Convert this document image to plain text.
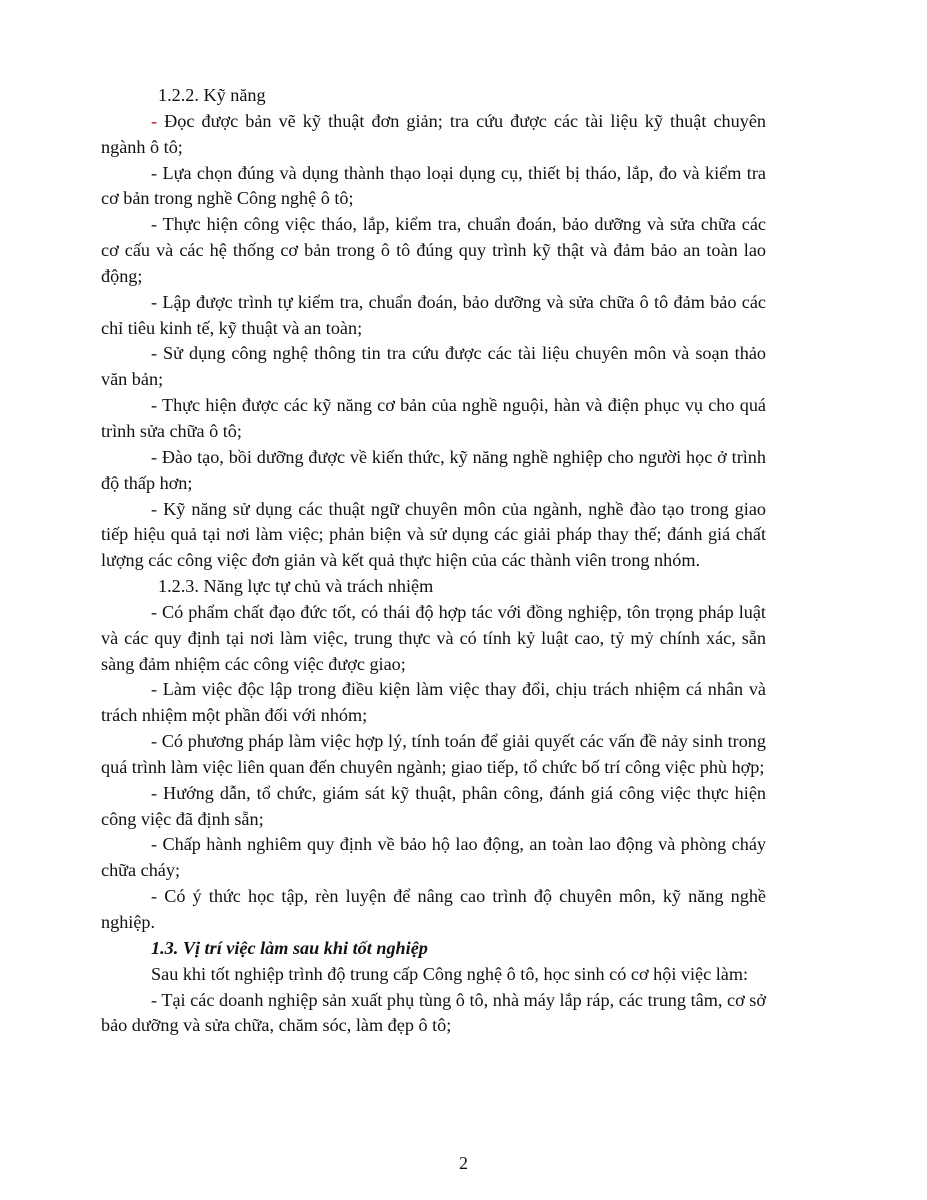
1.2.2. Kỹ năng

- Đọc được bản vẽ kỹ thuật đơn giản; tra cứu được các tài liệu kỹ thuật chuyên ngành ô tô;

- Lựa chọn đúng và dụng thành thạo loại dụng cụ, thiết bị tháo, lắp, đo và kiểm tra cơ bản trong nghề Công nghệ ô tô;

- Thực hiện công việc tháo, lắp, kiểm tra, chuẩn đoán, bảo dưỡng và sửa chữa các cơ cấu và các hệ thống cơ bản trong ô tô đúng quy trình kỹ thật và đảm bảo an toàn lao động;

- Lập được trình tự kiểm tra, chuẩn đoán, bảo dưỡng và sửa chữa ô tô đảm bảo các chỉ tiêu kinh tế, kỹ thuật và an toàn;

- Sử dụng công nghệ thông tin tra cứu được các tài liệu chuyên môn và soạn thảo văn bản;

- Thực hiện được các kỹ năng cơ bản của nghề nguội, hàn và điện phục vụ cho quá trình sửa chữa ô tô;

- Đào tạo, bồi dưỡng được về kiến thức, kỹ năng nghề nghiệp cho người học ở trình độ thấp hơn;

- Kỹ năng sử dụng các thuật ngữ chuyên môn của ngành, nghề đào tạo trong giao tiếp hiệu quả tại nơi làm việc; phản biện và sử dụng các giải pháp thay thế; đánh giá chất lượng các công việc đơn giản và kết quả thực hiện của các thành viên trong nhóm.

1.2.3. Năng lực tự chủ và trách nhiệm

- Có phẩm chất đạo đức tốt, có thái độ hợp tác với đồng nghiệp, tôn trọng pháp luật và các quy định tại nơi làm việc, trung thực và có tính kỷ luật cao, tỷ mỷ chính xác, sẵn sàng đảm nhiệm các công việc được giao;

- Làm việc độc lập trong điều kiện làm việc thay đổi, chịu trách nhiệm cá nhân và trách nhiệm một phần đối với nhóm;

- Có phương pháp làm việc hợp lý, tính toán để giải quyết các vấn đề nảy sinh trong quá trình làm việc liên quan đến chuyên ngành; giao tiếp, tổ chức bố trí công việc phù hợp;

- Hướng dẫn, tổ chức, giám sát kỹ thuật, phân công, đánh giá công việc thực hiện công việc đã định sẵn;

- Chấp hành nghiêm quy định về bảo hộ lao động, an toàn lao động và phòng cháy chữa cháy;

- Có ý thức học tập, rèn luyện để nâng cao trình độ chuyên môn, kỹ năng nghề nghiệp.

1.3. Vị trí việc làm sau khi tốt nghiệp

Sau khi tốt nghiệp trình độ trung cấp Công nghệ ô tô, học sinh có cơ hội việc làm:

- Tại các doanh nghiệp sản xuất phụ tùng ô tô, nhà máy lắp ráp, các trung tâm, cơ sở bảo dưỡng và sửa chữa, chăm sóc, làm đẹp ô tô;

2
